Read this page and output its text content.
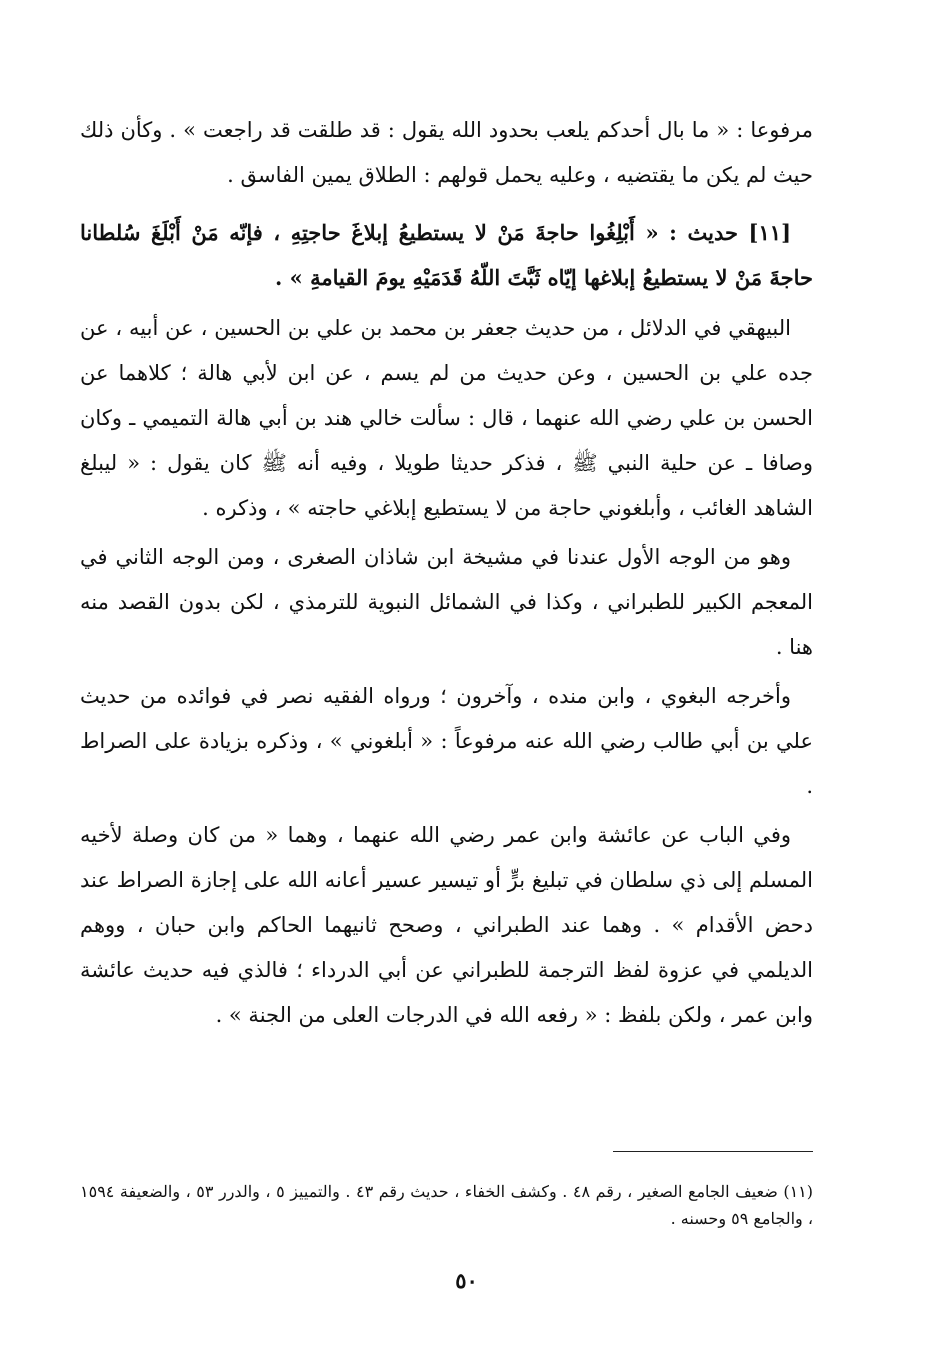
مرفوعا : « ما بال أحدكم يلعب بحدود الله يقول : قد طلقت قد راجعت » . وكأن ذلك حيث لم يكن ما يقتضيه ، وعليه يحمل قولهم : الطلاق يمين الفاسق .

[١١] حديث : « أَبْلِغُوا حاجةَ مَنْ لا يستطيعُ إبلاغَ حاجتِهِ ، فإنّه مَنْ أَبْلَغَ سُلطانا حاجةَ مَنْ لا يستطيعُ إبلاغها إيّاه ثَبَّتَ اللّهُ قَدَمَيْهِ يومَ القيامةِ » .

البيهقي في الدلائل ، من حديث جعفر بن محمد بن علي بن الحسين ، عن أبيه ، عن جده علي بن الحسين ، وعن حديث من لم يسم ، عن ابن لأبي هالة ؛ كلاهما عن الحسن بن علي رضي الله عنهما ، قال : سألت خالي هند بن أبي هالة التميمي ـ وكان وصافا ـ عن حلية النبي ﷺ ، فذكر حديثا طويلا ، وفيه أنه ﷺ كان يقول : « ليبلغ الشاهد الغائب ، وأبلغوني حاجة من لا يستطيع إبلاغي حاجته » ، وذكره .

وهو من الوجه الأول عندنا في مشيخة ابن شاذان الصغرى ، ومن الوجه الثاني في المعجم الكبير للطبراني ، وكذا في الشمائل النبوية للترمذي ، لكن بدون القصد منه هنا .

وأخرجه البغوي ، وابن منده ، وآخرون ؛ ورواه الفقيه نصر في فوائده من حديث علي بن أبي طالب رضي الله عنه مرفوعاً : « أبلغوني » ، وذكره بزيادة على الصراط .

وفي الباب عن عائشة وابن عمر رضي الله عنهما ، وهما « من كان وصلة لأخيه المسلم إلى ذي سلطان في تبليغ برٍّ أو تيسير عسير أعانه الله على إجازة الصراط عند دحض الأقدام » . وهما عند الطبراني ، وصحح ثانيهما الحاكم وابن حبان ، ووهم الديلمي في عزوة لفظ الترجمة للطبراني عن أبي الدرداء ؛ فالذي فيه حديث عائشة وابن عمر ، ولكن بلفظ : « رفعه الله في الدرجات العلى من الجنة » .

(١١) ضعيف الجامع الصغير ، رقم ٤٨ . وكشف الخفاء ، حديث رقم ٤٣ . والتمييز ٥ ، والدرر ٥٣ ، والضعيفة ١٥٩٤ ، والجامع ٥٩ وحسنه .

٥٠
